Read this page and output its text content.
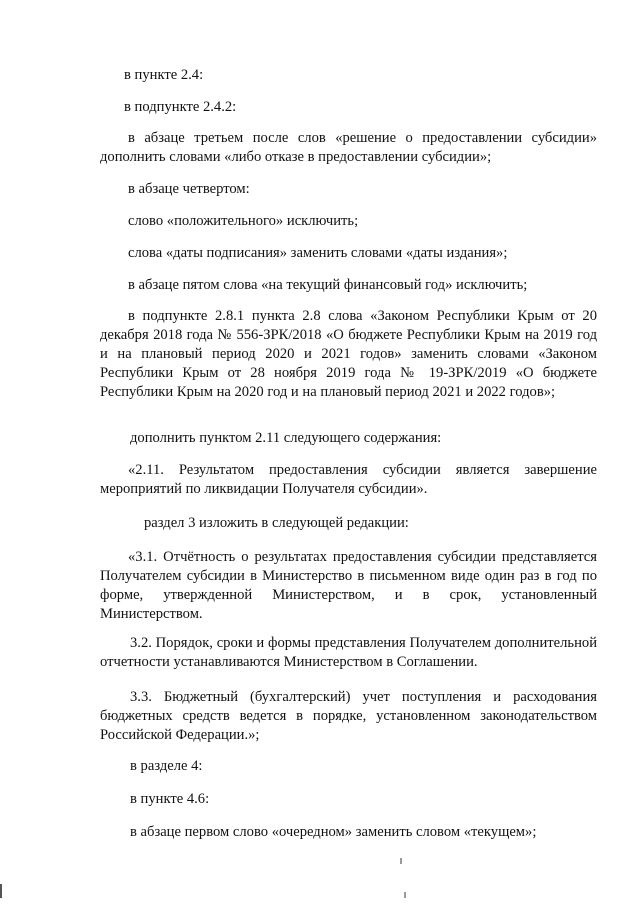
в пункте 2.4:

в подпункте 2.4.2:

в абзаце третьем после слов «решение о предоставлении субсидии» дополнить словами «либо отказе в предоставлении субсидии»;

в абзаце четвертом:

слово «положительного» исключить;

слова «даты подписания» заменить словами «даты издания»;

в абзаце пятом слова «на текущий финансовый год» исключить;

в подпункте 2.8.1 пункта 2.8 слова «Законом Республики Крым от 20 декабря 2018 года № 556-ЗРК/2018 «О бюджете Республики Крым на 2019 год и на плановый период 2020 и 2021 годов» заменить словами «Законом Республики Крым от 28 ноября 2019 года № 19-ЗРК/2019 «О бюджете Республики Крым на 2020 год и на плановый период 2021 и 2022 годов»;

дополнить пунктом 2.11 следующего содержания:

«2.11. Результатом предоставления субсидии является завершение мероприятий по ликвидации Получателя субсидии».

раздел 3 изложить в следующей редакции:

«3.1. Отчётность о результатах предоставления субсидии представляется Получателем субсидии в Министерство в письменном виде один раз в год по форме, утвержденной Министерством, и в срок, установленный Министерством.

3.2. Порядок, сроки и формы представления Получателем дополнительной отчетности устанавливаются Министерством в Соглашении.

3.3. Бюджетный (бухгалтерский) учет поступления и расходования бюджетных средств ведется в порядке, установленном законодательством Российской Федерации.»;

в разделе 4:

в пункте 4.6:

в абзаце первом слово «очередном» заменить словом «текущем»;
